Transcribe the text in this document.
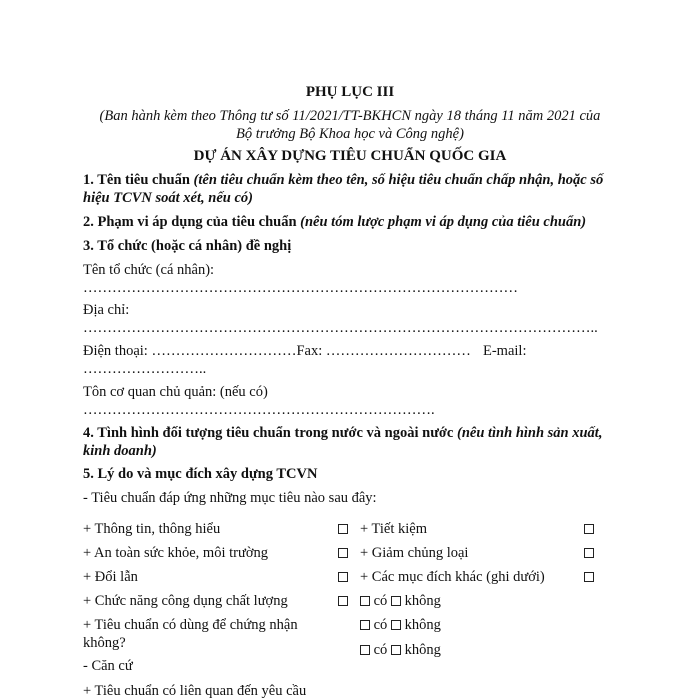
PHỤ LỤC III
(Ban hành kèm theo Thông tư số 11/2021/TT-BKHCN ngày 18 tháng 11 năm 2021 của
Bộ trưởng Bộ Khoa học và Công nghệ)
DỰ ÁN XÂY DỰNG TIÊU CHUẨN QUỐC GIA
1. Tên tiêu chuẩn (tên tiêu chuẩn kèm theo tên, số hiệu tiêu chuẩn chấp nhận, hoặc số
hiệu TCVN soát xét, nếu có)
2. Phạm vi áp dụng của tiêu chuẩn (nêu tóm lược phạm vi áp dụng của tiêu chuẩn)
3. Tổ chức (hoặc cá nhân) đề nghị
Tên tổ chức (cá nhân):
………………………………………………………………………………
Địa chỉ:
……………………………………………………………………………………………..
Điện thoại: …………………………Fax: ………………………… E-mail:
……………………..
Tôn cơ quan chủ quản: (nếu có)
……………………………………………………………….
4. Tình hình đối tượng tiêu chuẩn trong nước và ngoài nước (nêu tình hình sản xuất,
kinh doanh)
5. Lý do và mục đích xây dựng TCVN
- Tiêu chuẩn đáp ứng những mục tiêu nào sau đây:
+ Thông tin, thông hiểu
+ An toàn sức khỏe, môi trường
+ Đổi lẫn
+ Chức năng công dụng chất lượng
+ Tiết kiệm
+ Giảm chủng loại
+ Các mục đích khác (ghi dưới)
có không
+ Tiêu chuẩn có dùng để chứng nhận
không?
có không
có không
- Căn cứ
+ Tiêu chuẩn có liên quan đến yêu cầu
